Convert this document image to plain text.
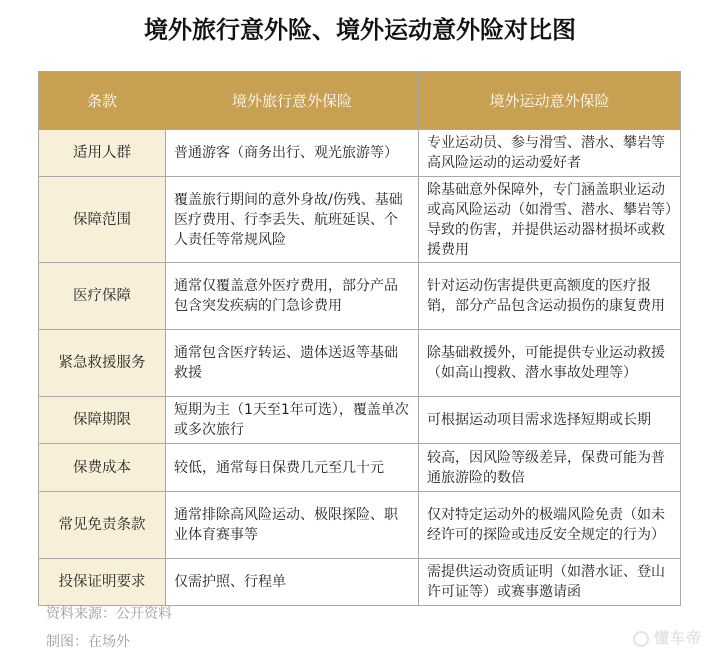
境外旅行意外险、境外运动意外险对比图
条款	境外旅行意外保险	境外运动意外保险
适用人群	普通游客（商务出行、观光旅游等）	专业运动员、参与滑雪、潜水、攀岩等高风险运动的运动爱好者
保障范围	覆盖旅行期间的意外身故/伤残、基础医疗费用、行李丢失、航班延误、个人责任等常规风险	除基础意外保障外，专门涵盖职业运动或高风险运动（如滑雪、潜水、攀岩等）导致的伤害，并提供运动器材损坏或救援费用
医疗保障	通常仅覆盖意外医疗费用，部分产品包含突发疾病的门急诊费用	针对运动伤害提供更高额度的医疗报销，部分产品包含运动损伤的康复费用
紧急救援服务	通常包含医疗转运、遗体送返等基础救援	除基础救援外，可能提供专业运动救援（如高山搜救、潜水事故处理等）
保障期限	短期为主（1天至1年可选），覆盖单次或多次旅行	可根据运动项目需求选择短期或长期
保费成本	较低，通常每日保费几元至几十元	较高，因风险等级差异，保费可能为普通旅游险的数倍
常见免责条款	通常排除高风险运动、极限探险、职业体育赛事等	仅对特定运动外的极端风险免责（如未经许可的探险或违反安全规定的行为）
投保证明要求	仅需护照、行程单	需提供运动资质证明（如潜水证、登山许可证等）或赛事邀请函
资料来源：公开资料
制图：在场外	懂车帝
